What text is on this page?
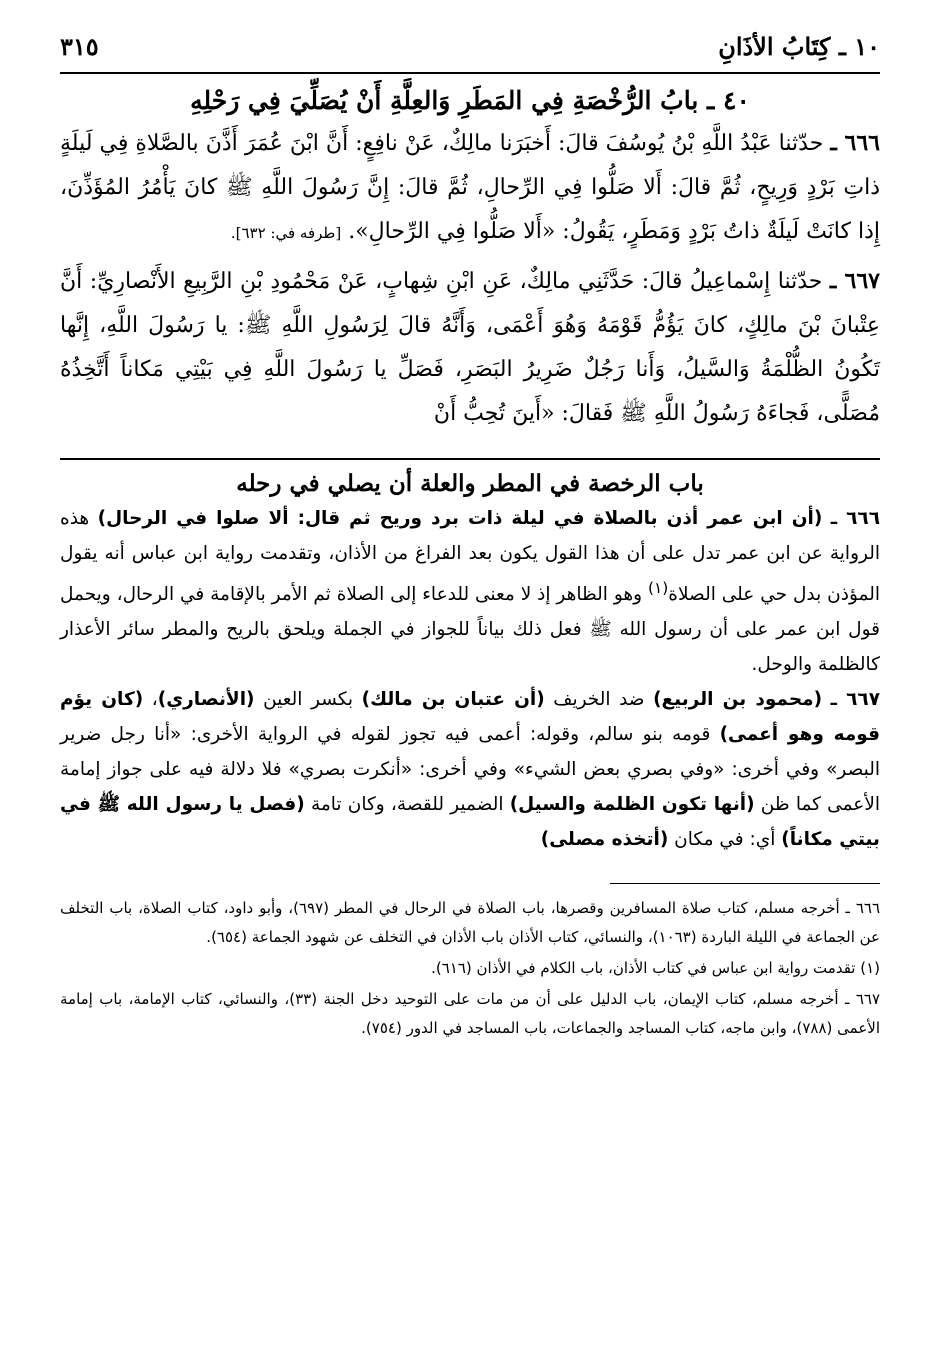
١٠ ـ كِتَابُ الأذَانِ
٣١٥
٤٠ ـ بابُ الرُّخْصَةِ فِي المَطَرِ وَالعِلَّةِ أَنْ يُصَلِّيَ فِي رَحْلِهِ

٦٦٦ ـ حدّثنا عَبْدُ اللَّهِ بْنُ يُوسُفَ قالَ: أَخبَرَنا مالِكٌ، عَنْ نافِعٍ: أَنَّ ابْنَ عُمَرَ أَذَّنَ بالصَّلاةِ فِي لَيلَةٍ ذاتِ بَرْدٍ وَرِيحٍ، ثُمَّ قالَ: أَلا صَلُّوا فِي الرِّحالِ، ثُمَّ قالَ: إِنَّ رَسُولَ اللَّهِ ﷺ كانَ يَأْمُرُ المُؤَذِّنَ، إِذا كانَتْ لَيلَةٌ ذاتُ بَرْدٍ وَمَطَرٍ، يَقُولُ: «أَلا صَلُّوا فِي الرِّحالِ». [طرفه في: ٦٣٢].

٦٦٧ ـ حدّثنا إِسْماعِيلُ قالَ: حَدَّثَنِي مالِكٌ، عَنِ ابْنِ شِهابٍ، عَنْ مَحْمُودِ بْنِ الرَّبِيعِ الأَنْصارِيِّ: أَنَّ عِتْبانَ بْنَ مالِكٍ، كانَ يَؤُمُّ قَوْمَهُ وَهُوَ أَعْمَى، وَأَنَّهُ قالَ لِرَسُولِ اللَّهِ ﷺ: يا رَسُولَ اللَّهِ، إِنَّها تَكُونُ الظُّلْمَةُ وَالسَّيلُ، وَأَنا رَجُلٌ ضَرِيرُ البَصَرِ، فَصَلِّ يا رَسُولَ اللَّهِ فِي بَيْتِي مَكاناً أَتَّخِذُهُ مُصَلًّى، فَجاءَهُ رَسُولُ اللَّهِ ﷺ فَقالَ: «أَينَ تُحِبُّ أَنْ

باب الرخصة في المطر والعلة أن يصلي في رحله

٦٦٦ ـ (أن ابن عمر أذن بالصلاة في ليلة ذات برد وريح ثم قال: ألا صلوا في الرحال) هذه الرواية عن ابن عمر تدل على أن هذا القول يكون بعد الفراغ من الأذان، وتقدمت رواية ابن عباس أنه يقول المؤذن بدل حي على الصلاة$^{(١)}$ وهو الظاهر إذ لا معنى للدعاء إلى الصلاة ثم الأمر بالإقامة في الرحال، ويحمل قول ابن عمر على أن رسول الله ﷺ فعل ذلك بياناً للجواز في الجملة ويلحق بالريح والمطر سائر الأعذار كالظلمة والوحل.

٦٦٧ ـ (محمود بن الربيع) ضد الخريف (أن عتبان بن مالك) بكسر العين (الأنصاري)، (كان يؤم قومه وهو أعمى) قومه بنو سالم، وقوله: أعمى فيه تجوز لقوله في الرواية الأخرى: «أنا رجل ضرير البصر» وفي أخرى: «وفي بصري بعض الشيء» وفي أخرى: «أنكرت بصري» فلا دلالة فيه على جواز إمامة الأعمى كما ظن (أنها تكون الظلمة والسيل) الضمير للقصة، وكان تامة (فصل يا رسول الله ﷺ في بيتي مكاناً) أي: في مكان (أتخذه مصلى)

٦٦٦ ـ أخرجه مسلم، كتاب صلاة المسافرين وقصرها، باب الصلاة في الرحال في المطر (٦٩٧)، وأبو داود، كتاب الصلاة، باب التخلف عن الجماعة في الليلة الباردة (١٠٦٣)، والنسائي، كتاب الأذان باب الأذان في التخلف عن شهود الجماعة (٦٥٤).

(١) تقدمت رواية ابن عباس في كتاب الأذان، باب الكلام في الأذان (٦١٦).

٦٦٧ ـ أخرجه مسلم، كتاب الإيمان، باب الدليل على أن من مات على التوحيد دخل الجنة (٣٣)، والنسائي، كتاب الإمامة، باب إمامة الأعمى (٧٨٨)، وابن ماجه، كتاب المساجد والجماعات، باب المساجد في الدور (٧٥٤).
